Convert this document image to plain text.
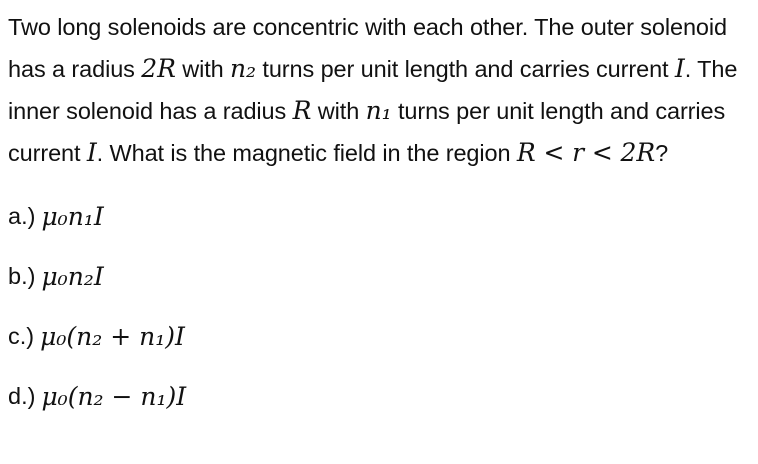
Two long solenoids are concentric with each other. The outer solenoid has a radius 2R with n₂ turns per unit length and carries current I. The inner solenoid has a radius R with n₁ turns per unit length and carries current I. What is the magnetic field in the region R < r < 2R?

a.) μ₀n₁I
b.) μ₀n₂I
c.) μ₀(n₂ + n₁)I
d.) μ₀(n₂ − n₁)I
